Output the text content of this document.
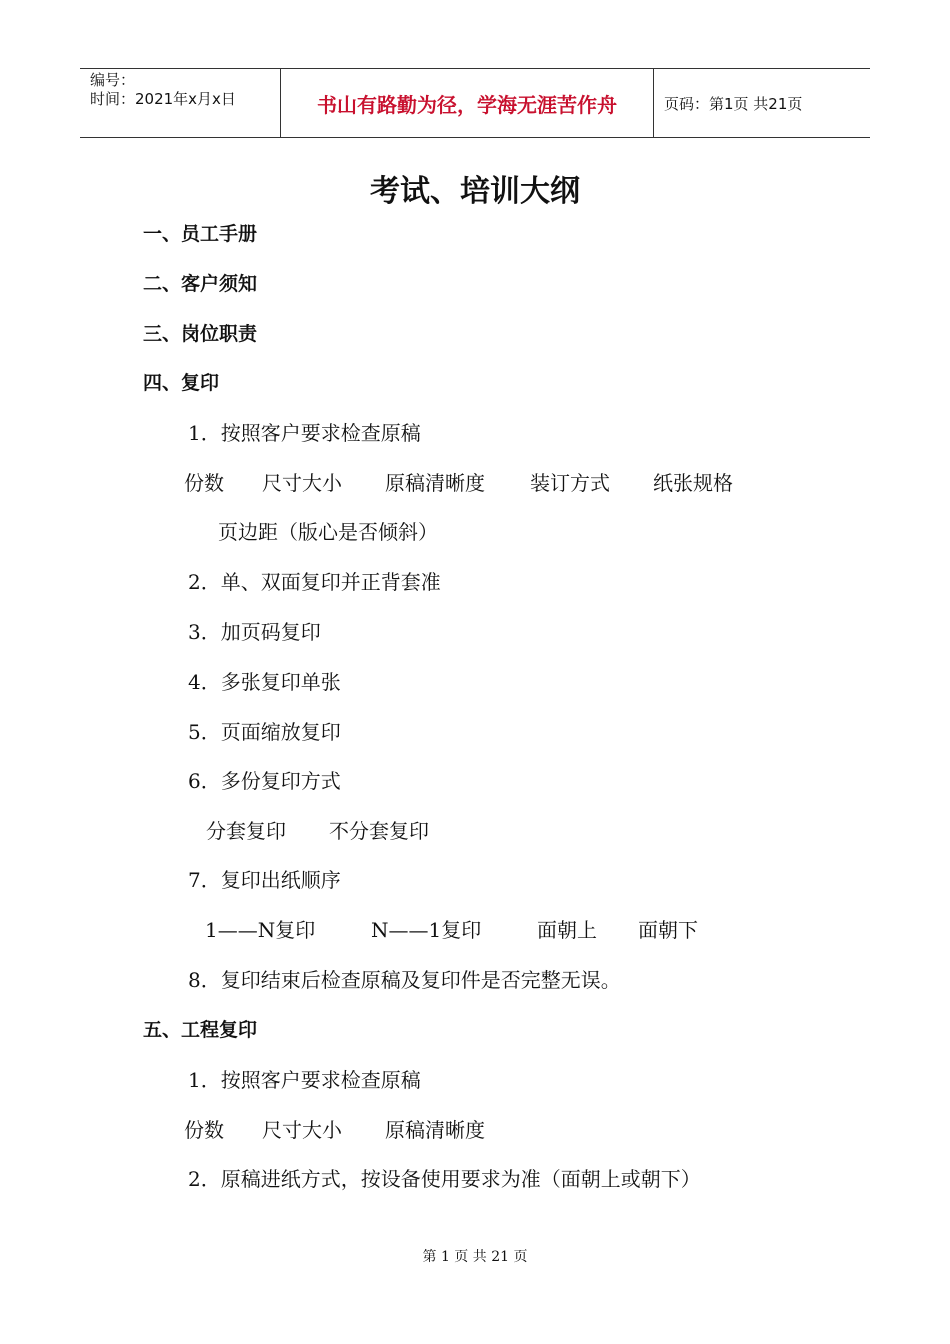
编号：
时间：2021年x月x日	书山有路勤为径，学海无涯苦作舟	页码：第1页 共21页
考试、培训大纲
一、员工手册
二、客户须知
三、岗位职责
四、复印
1．按照客户要求检查原稿
份数	尺寸大小	原稿清晰度	装订方式	纸张规格
页边距（版心是否倾斜）
2．单、双面复印并正背套准
3．加页码复印
4．多张复印单张
5．页面缩放复印
6．多份复印方式
分套复印	不分套复印
7．复印出纸顺序
1——N复印	N——1复印	面朝上	面朝下
8．复印结束后检查原稿及复印件是否完整无误。
五、工程复印
1．按照客户要求检查原稿
份数	尺寸大小	原稿清晰度
2．原稿进纸方式，按设备使用要求为准（面朝上或朝下）
第 1 页 共 21 页
